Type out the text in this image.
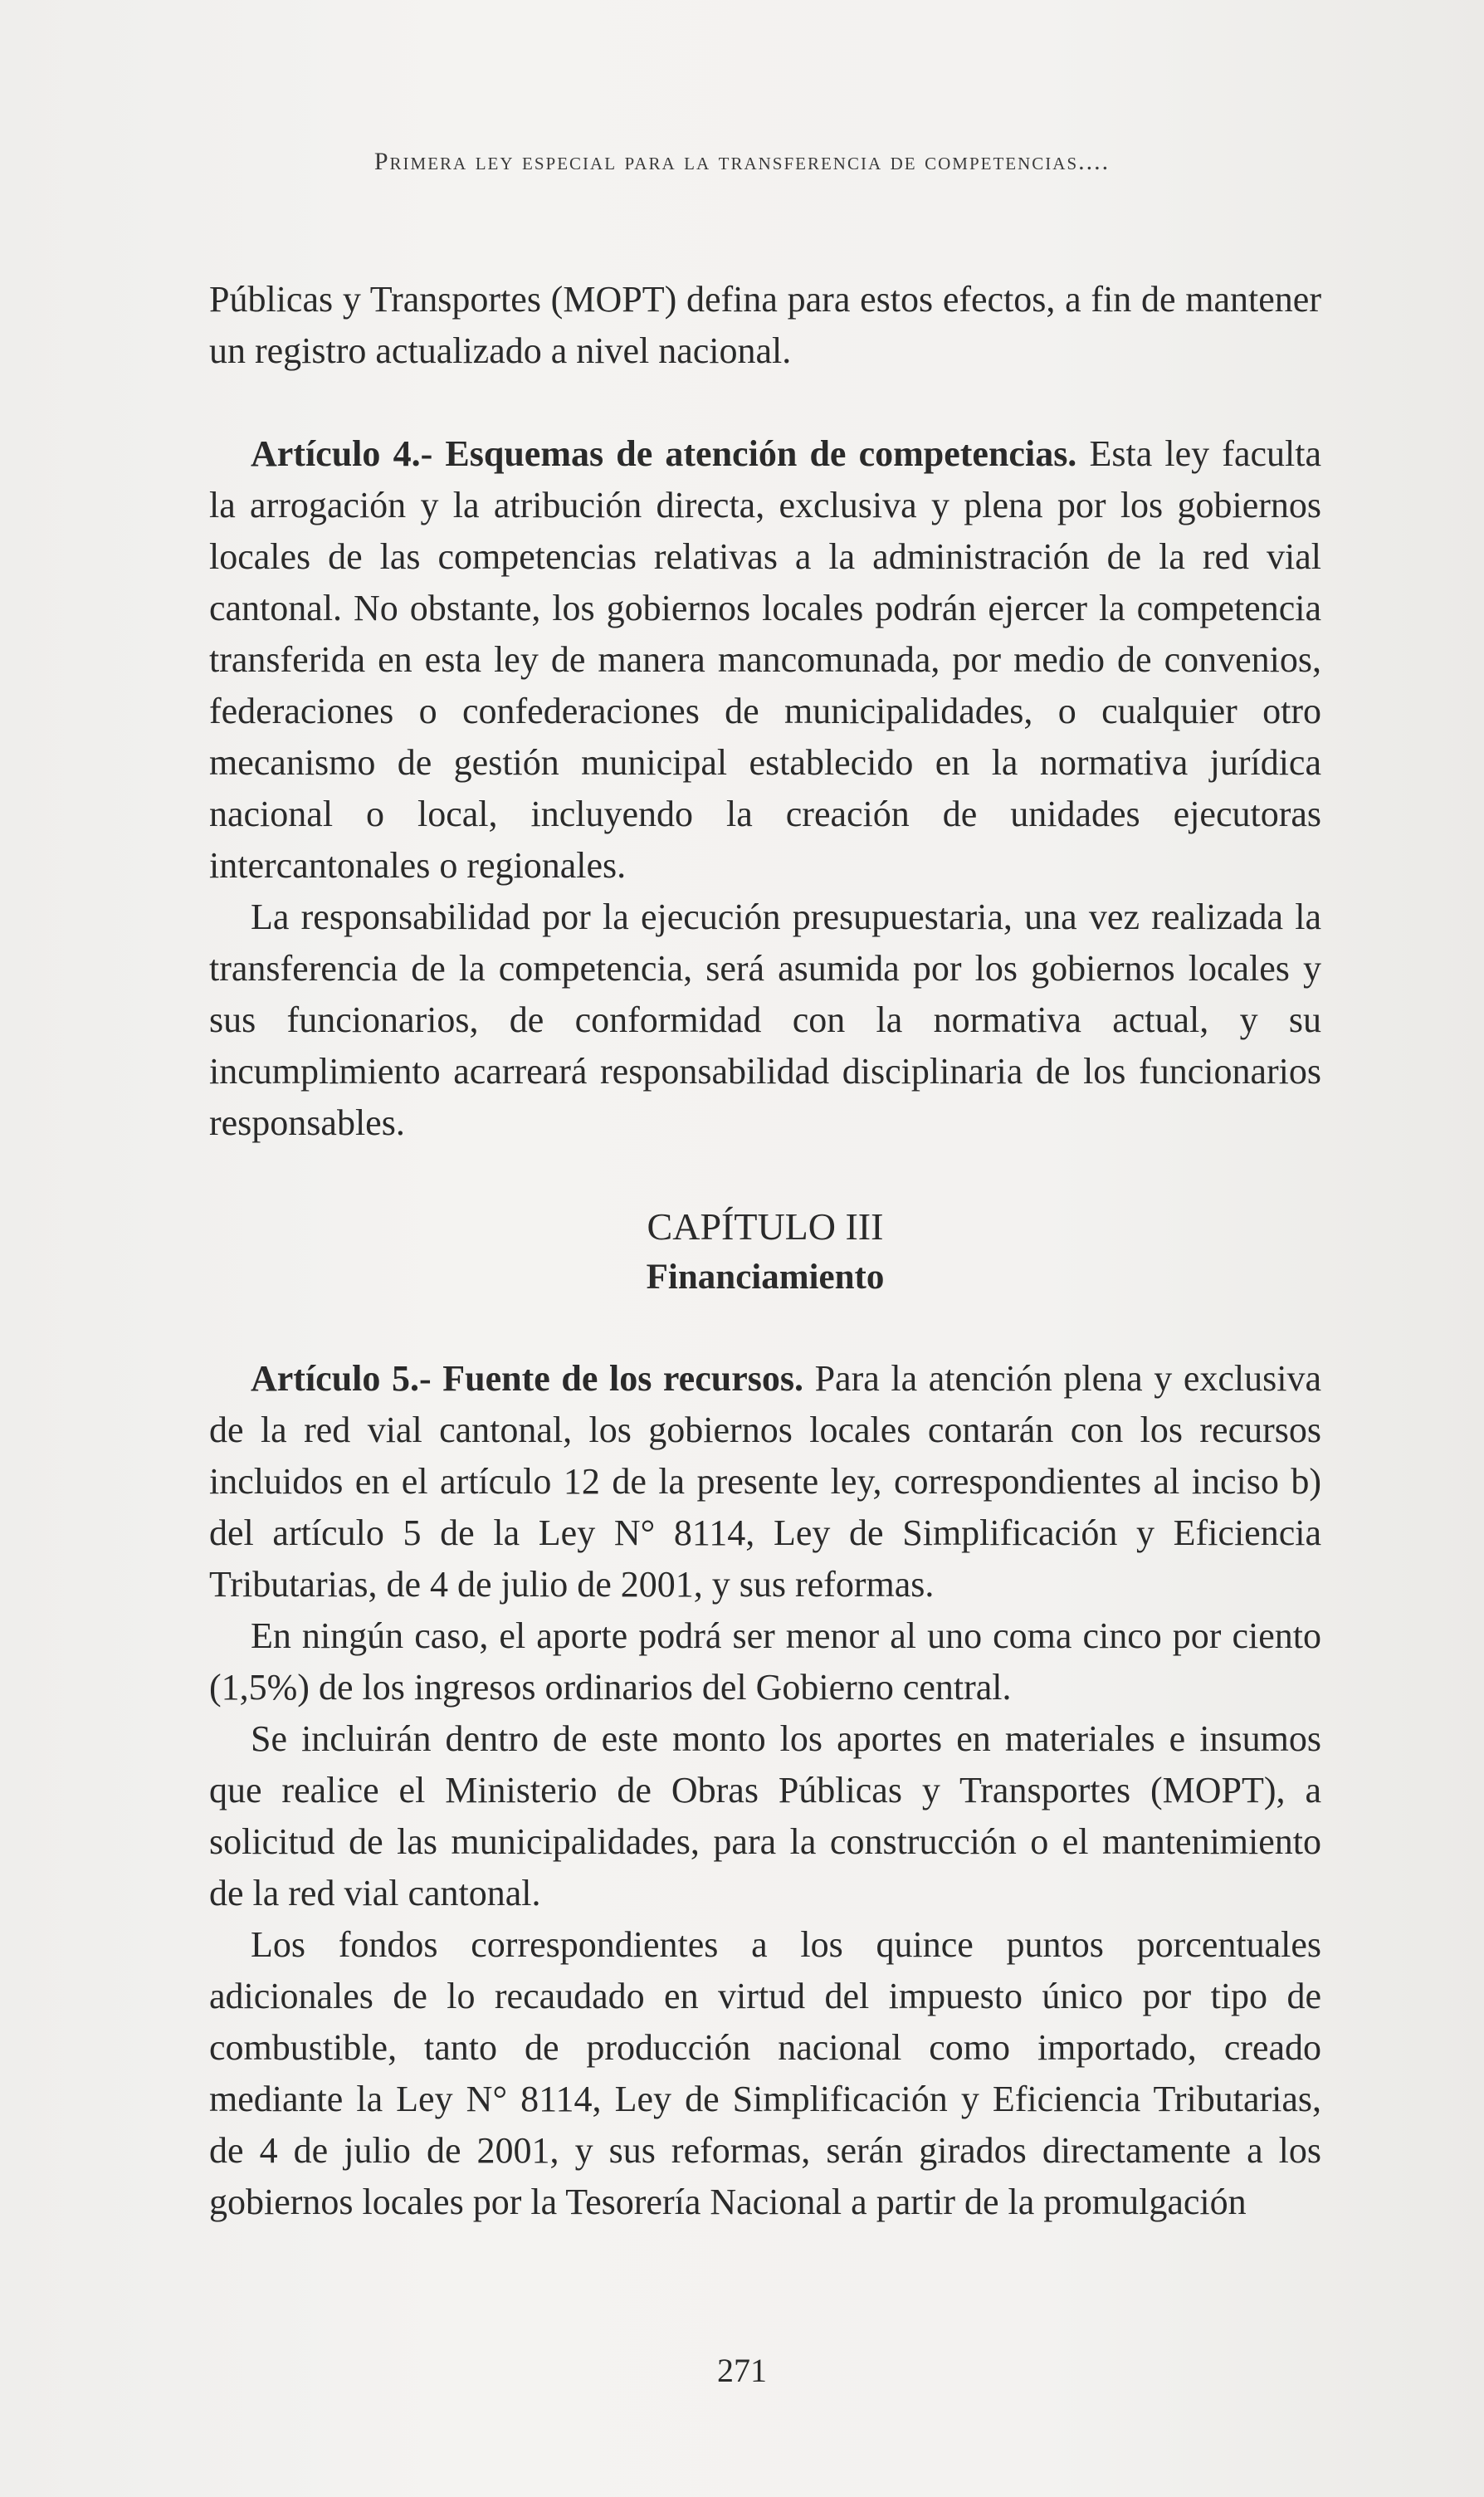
Primera ley especial para la transferencia de competencias....

Públicas y Transportes (MOPT) defina para estos efectos, a fin de mantener un registro actualizado a nivel nacional.

Artículo 4.- Esquemas de atención de competencias. Esta ley faculta la arrogación y la atribución directa, exclusiva y plena por los gobiernos locales de las competencias relativas a la administración de la red vial cantonal. No obstante, los gobiernos locales podrán ejercer la competencia transferida en esta ley de manera mancomunada, por medio de convenios, federaciones o confederaciones de municipalidades, o cualquier otro mecanismo de gestión municipal establecido en la normativa jurídica nacional o local, incluyendo la creación de unidades ejecutoras intercantonales o regionales.

La responsabilidad por la ejecución presupuestaria, una vez realizada la transferencia de la competencia, será asumida por los gobiernos locales y sus funcionarios, de conformidad con la normativa actual, y su incumplimiento acarreará responsabilidad disciplinaria de los funcionarios responsables.

CAPÍTULO III
Financiamiento

Artículo 5.- Fuente de los recursos. Para la atención plena y exclusiva de la red vial cantonal, los gobiernos locales contarán con los recursos incluidos en el artículo 12 de la presente ley, correspondientes al inciso b) del artículo 5 de la Ley N° 8114, Ley de Simplificación y Eficiencia Tributarias, de 4 de julio de 2001, y sus reformas.

En ningún caso, el aporte podrá ser menor al uno coma cinco por ciento (1,5%) de los ingresos ordinarios del Gobierno central.

Se incluirán dentro de este monto los aportes en materiales e insumos que realice el Ministerio de Obras Públicas y Transportes (MOPT), a solicitud de las municipalidades, para la construcción o el mantenimiento de la red vial cantonal.

Los fondos correspondientes a los quince puntos porcentuales adicionales de lo recaudado en virtud del impuesto único por tipo de combustible, tanto de producción nacional como importado, creado mediante la Ley N° 8114, Ley de Simplificación y Eficiencia Tributarias, de 4 de julio de 2001, y sus reformas, serán girados directamente a los gobiernos locales por la Tesorería Nacional a partir de la promulgación

271
